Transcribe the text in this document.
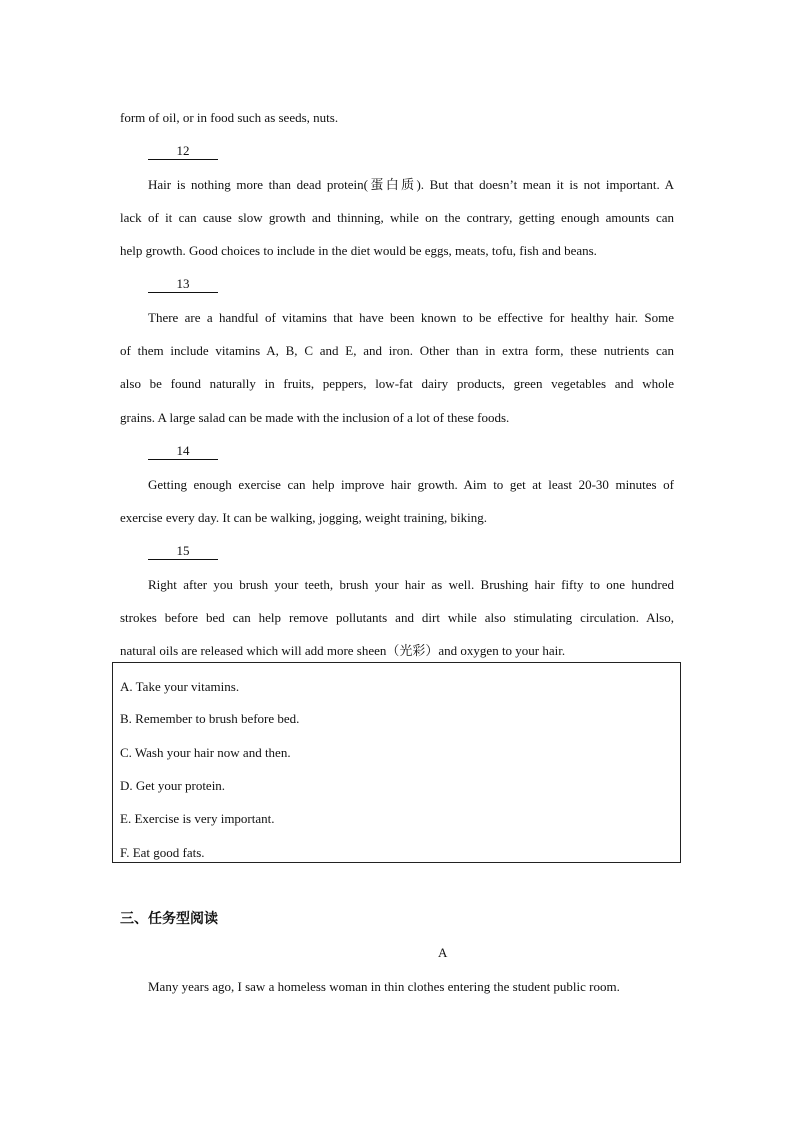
form of oil, or in food such as seeds, nuts.
12
Hair is nothing more than dead protein(蛋白质). But that doesn’t mean it is not important. A
lack of it can cause slow growth and thinning, while on the contrary, getting enough amounts can
help growth. Good choices to include in the diet would be eggs, meats, tofu, fish and beans.
13
There are a handful of vitamins that have been known to be effective for healthy hair. Some
of them include vitamins A, B, C and E, and iron. Other than in extra form, these nutrients can
also be found naturally in fruits, peppers, low-fat dairy products, green vegetables and whole
grains. A large salad can be made with the inclusion of a lot of these foods.
14
Getting enough exercise can help improve hair growth. Aim to get at least 20-30 minutes of
exercise every day. It can be walking, jogging, weight training, biking.
15
Right after you brush your teeth, brush your hair as well. Brushing hair fifty to one hundred
strokes before bed can help remove pollutants and dirt while also stimulating circulation. Also,
natural oils are released which will add more sheen（光彩）and oxygen to your hair.
A. Take your vitamins.
B. Remember to brush before bed.
C. Wash your hair now and then.
D. Get your protein.
E. Exercise is very important.
F. Eat good fats.
三、任务型阅读
A
Many years ago, I saw a homeless woman in thin clothes entering the student public room.
